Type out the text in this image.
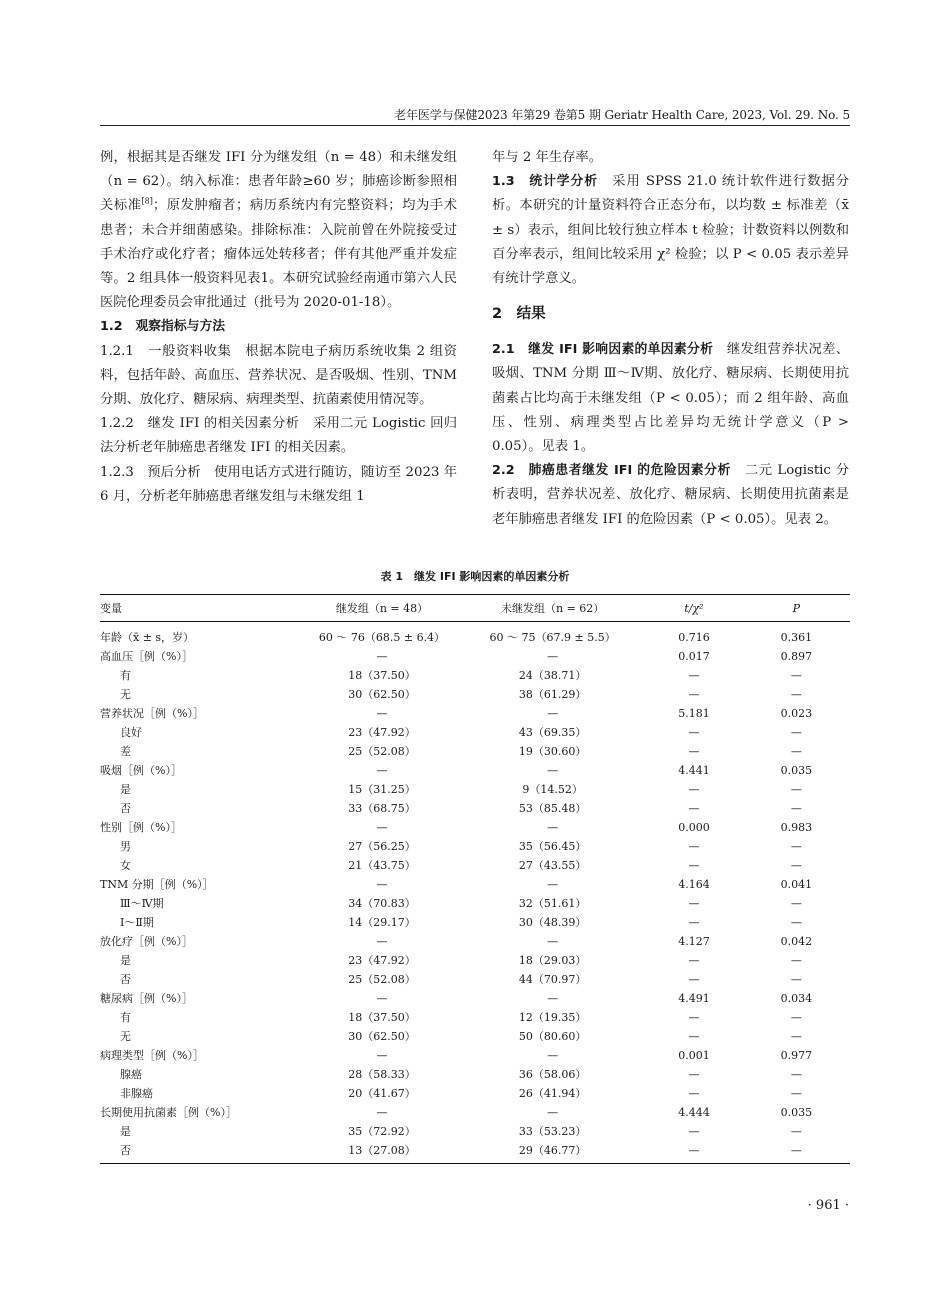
老年医学与保健2023 年第29 卷第5 期 Geriatr Health Care, 2023, Vol. 29. No. 5

例，根据其是否继发 IFI 分为继发组（n = 48）和未继发组（n = 62）。纳入标准：患者年龄≥60 岁；肺癌诊断参照相关标准[8]；原发肿瘤者；病历系统内有完整资料；均为手术患者；未合并细菌感染。排除标准：入院前曾在外院接受过手术治疗或化疗者；瘤体远处转移者；伴有其他严重并发症等。2 组具体一般资料见表1。本研究试验经南通市第六人民医院伦理委员会审批通过（批号为 2020-01-18）。

1.2　观察指标与方法

1.2.1　一般资料收集　根据本院电子病历系统收集 2 组资料，包括年龄、高血压、营养状况、是否吸烟、性别、TNM 分期、放化疗、糖尿病、病理类型、抗菌素使用情况等。

1.2.2　继发 IFI 的相关因素分析　采用二元 Logistic 回归法分析老年肺癌患者继发 IFI 的相关因素。

1.2.3　预后分析　使用电话方式进行随访，随访至 2023 年 6 月，分析老年肺癌患者继发组与未继发组 1

年与 2 年生存率。

1.3　统计学分析　采用 SPSS 21.0 统计软件进行数据分析。本研究的计量资料符合正态分布，以均数 ± 标准差（x̄ ± s）表示，组间比较行独立样本 t 检验；计数资料以例数和百分率表示，组间比较采用 χ² 检验；以 P < 0.05 表示差异有统计学意义。

2　结果

2.1　继发 IFI 影响因素的单因素分析　继发组营养状况差、吸烟、TNM 分期 Ⅲ～Ⅳ期、放化疗、糖尿病、长期使用抗菌素占比均高于未继发组（P < 0.05）；而 2 组年龄、高血压、性别、病理类型占比差异均无统计学意义（P > 0.05）。见表 1。

2.2　肺癌患者继发 IFI 的危险因素分析　二元 Logistic 分析表明，营养状况差、放化疗、糖尿病、长期使用抗菌素是老年肺癌患者继发 IFI 的危险因素（P < 0.05）。见表 2。

表 1　继发 IFI 影响因素的单因素分析
变量	继发组（n = 48）	未继发组（n = 62）	t/χ²	P
年龄（x̄ ± s，岁）	60 ～ 76（68.5 ± 6.4）	60 ～ 75（67.9 ± 5.5）	0.716	0.361
高血压［例（%）］	—	—	0.017	0.897
有	18（37.50）	24（38.71）	—	—
无	30（62.50）	38（61.29）	—	—
营养状况［例（%）］	—	—	5.181	0.023
良好	23（47.92）	43（69.35）	—	—
差	25（52.08）	19（30.60）	—	—
吸烟［例（%）］	—	—	4.441	0.035
是	15（31.25）	9（14.52）	—	—
否	33（68.75）	53（85.48）	—	—
性别［例（%）］	—	—	0.000	0.983
男	27（56.25）	35（56.45）	—	—
女	21（43.75）	27（43.55）	—	—
TNM 分期［例（%）］	—	—	4.164	0.041
Ⅲ～Ⅳ期	34（70.83）	32（51.61）	—	—
Ⅰ～Ⅱ期	14（29.17）	30（48.39）	—	—
放化疗［例（%）］	—	—	4.127	0.042
是	23（47.92）	18（29.03）	—	—
否	25（52.08）	44（70.97）	—	—
糖尿病［例（%）］	—	—	4.491	0.034
有	18（37.50）	12（19.35）	—	—
无	30（62.50）	50（80.60）	—	—
病理类型［例（%）］	—	—	0.001	0.977
腺癌	28（58.33）	36（58.06）	—	—
非腺癌	20（41.67）	26（41.94）	—	—
长期使用抗菌素［例（%）］	—	—	4.444	0.035
是	35（72.92）	33（53.23）	—	—
否	13（27.08）	29（46.77）	—	—
· 961 ·
